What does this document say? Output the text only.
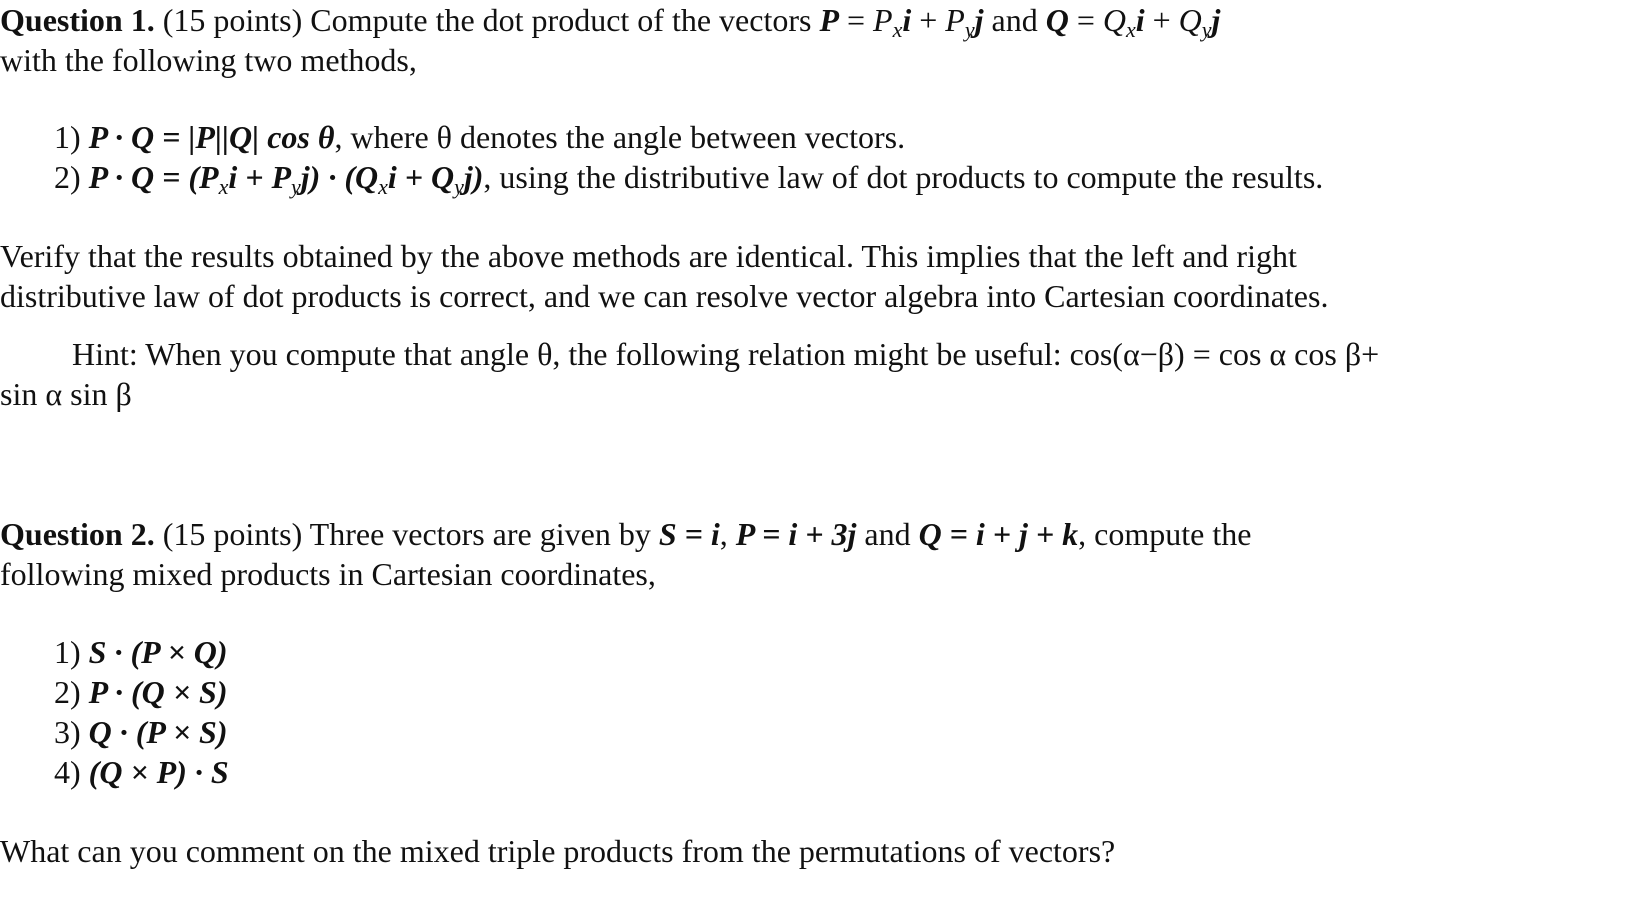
Question 1. (15 points) Compute the dot product of the vectors $P = P_xi + P_yj$ and $Q = Q_xi + Q_yj$
with the following two methods,
1) P · Q = |P||Q| cos θ, where θ denotes the angle between vectors.
2) $P \cdot Q = (P_xi + P_yj) \cdot (Q_xi + Q_yj)$, using the distributive law of dot products to compute the results.
Verify that the results obtained by the above methods are identical. This implies that the left and right
distributive law of dot products is correct, and we can resolve vector algebra into Cartesian coordinates.
Hint: When you compute that angle θ, the following relation might be useful: cos(α−β) = cos α cos β+
sin α sin β
Question 2. (15 points) Three vectors are given by S = i, P = i + 3j and Q = i + j + k, compute the
following mixed products in Cartesian coordinates,
1) S · (P × Q)
2) P · (Q × S)
3) Q · (P × S)
4) (Q × P) · S
What can you comment on the mixed triple products from the permutations of vectors?
